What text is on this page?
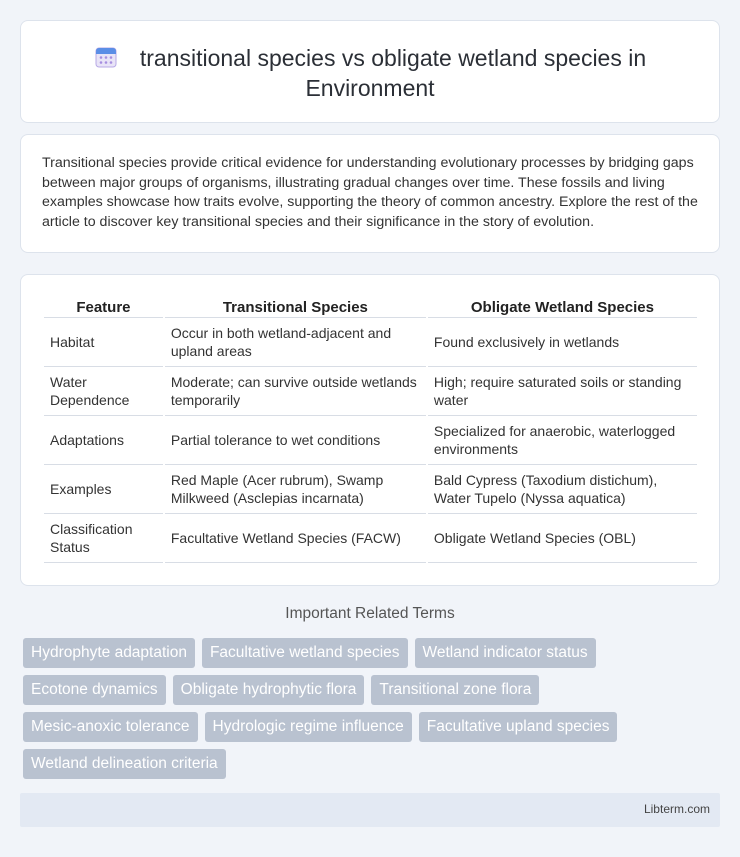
transitional species vs obligate wetland species in Environment

Transitional species provide critical evidence for understanding evolutionary processes by bridging gaps between major groups of organisms, illustrating gradual changes over time. These fossils and living examples showcase how traits evolve, supporting the theory of common ancestry. Explore the rest of the article to discover key transitional species and their significance in the story of evolution.

Feature	Transitional Species	Obligate Wetland Species
Habitat	Occur in both wetland-adjacent and upland areas	Found exclusively in wetlands
Water Dependence	Moderate; can survive outside wetlands temporarily	High; require saturated soils or standing water
Adaptations	Partial tolerance to wet conditions	Specialized for anaerobic, waterlogged environments
Examples	Red Maple (Acer rubrum), Swamp Milkweed (Asclepias incarnata)	Bald Cypress (Taxodium distichum), Water Tupelo (Nyssa aquatica)
Classification Status	Facultative Wetland Species (FACW)	Obligate Wetland Species (OBL)
Important Related Terms
Hydrophyte adaptation	Facultative wetland species	Wetland indicator status
Ecotone dynamics	Obligate hydrophytic flora	Transitional zone flora
Mesic-anoxic tolerance	Hydrologic regime influence	Facultative upland species
Wetland delineation criteria
Libterm.com
